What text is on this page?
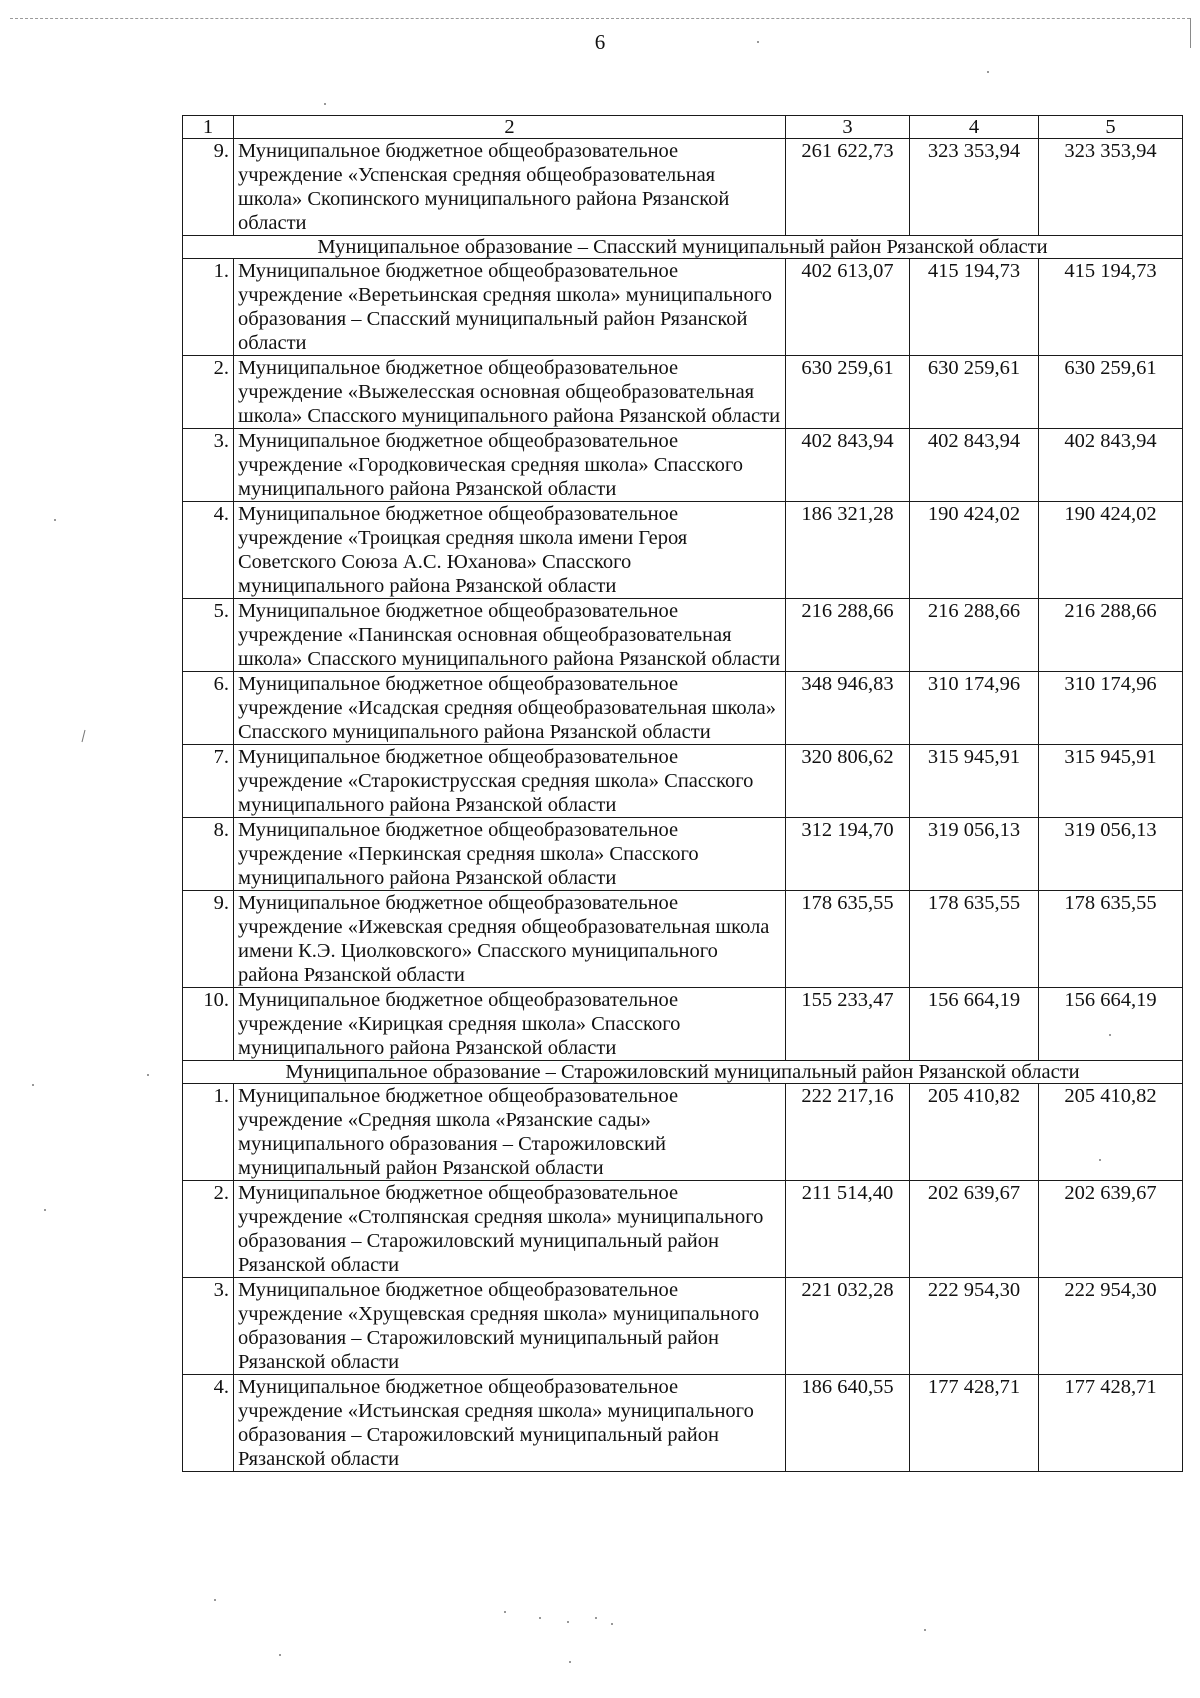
6
1	2	3	4	5
9.	Муниципальное бюджетное общеобразовательное учреждение «Успенская средняя общеобразовательная школа» Скопинского муниципального района Рязанской области	261 622,73	323 353,94	323 353,94
Муниципальное образование – Спасский муниципальный район Рязанской области				
1.	Муниципальное бюджетное общеобразовательное учреждение «Веретьинская средняя школа» муниципального образования – Спасский муниципальный район Рязанской области	402 613,07	415 194,73	415 194,73
2.	Муниципальное бюджетное общеобразовательное учреждение «Выжелесская основная общеобразовательная школа» Спасского муниципального района Рязанской области	630 259,61	630 259,61	630 259,61
3.	Муниципальное бюджетное общеобразовательное учреждение «Городковическая средняя школа» Спасского муниципального района Рязанской области	402 843,94	402 843,94	402 843,94
4.	Муниципальное бюджетное общеобразовательное учреждение «Троицкая средняя школа имени Героя Советского Союза А.С. Юханова» Спасского муниципального района Рязанской области	186 321,28	190 424,02	190 424,02
5.	Муниципальное бюджетное общеобразовательное учреждение «Панинская основная общеобразовательная школа» Спасского муниципального района Рязанской области	216 288,66	216 288,66	216 288,66
6.	Муниципальное бюджетное общеобразовательное учреждение «Исадская средняя общеобразовательная школа» Спасского муниципального района Рязанской области	348 946,83	310 174,96	310 174,96
7.	Муниципальное бюджетное общеобразовательное учреждение «Старокиструсская средняя школа» Спасского муниципального района Рязанской области	320 806,62	315 945,91	315 945,91
8.	Муниципальное бюджетное общеобразовательное учреждение «Перкинская средняя школа» Спасского муниципального района Рязанской области	312 194,70	319 056,13	319 056,13
9.	Муниципальное бюджетное общеобразовательное учреждение «Ижевская средняя общеобразовательная школа имени К.Э. Циолковского» Спасского муниципального района Рязанской области	178 635,55	178 635,55	178 635,55
10.	Муниципальное бюджетное общеобразовательное учреждение «Кирицкая средняя школа» Спасского муниципального района Рязанской области	155 233,47	156 664,19	156 664,19
Муниципальное образование – Старожиловский муниципальный район Рязанской области				
1.	Муниципальное бюджетное общеобразовательное учреждение «Средняя школа «Рязанские сады» муниципального образования – Старожиловский муниципальный район Рязанской области	222 217,16	205 410,82	205 410,82
2.	Муниципальное бюджетное общеобразовательное учреждение «Столпянская средняя школа» муниципального образования – Старожиловский муниципальный район Рязанской области	211 514,40	202 639,67	202 639,67
3.	Муниципальное бюджетное общеобразовательное учреждение «Хрущевская средняя школа» муниципального образования – Старожиловский муниципальный район Рязанской области	221 032,28	222 954,30	222 954,30
4.	Муниципальное бюджетное общеобразовательное учреждение «Истьинская средняя школа» муниципального образования – Старожиловский муниципальный район Рязанской области	186 640,55	177 428,71	177 428,71
